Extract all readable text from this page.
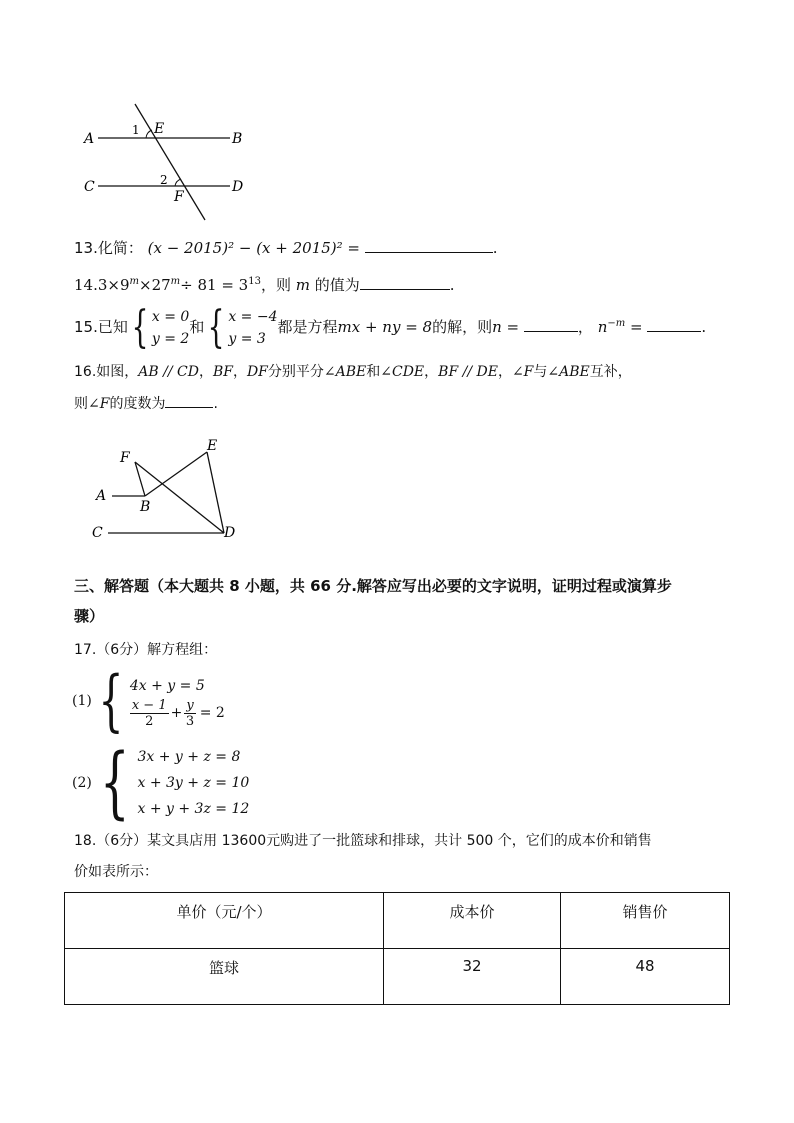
A	B
C	D
E
F
1
2
13.化简： (x − 2015)² − (x + 2015)² =	.
$14.3\times 9^m\times 27^m\div 81 = 3^{13}$，则 m 的值为	.
15.已知 { x = 0
y = 2
和 { x = −4
y = 3
都是方程mx + ny = 8的解，则n =	， $n^{-m}$ =	.
16.如图，AB // CD，BF，DF分别平分∠ABE和∠CDE，BF // DE，∠F与∠ABE互补，
则∠F的度数为	.
F
E
A
B
C	D
三、解答题（本大题共 8 小题，共 66 分.解答应写出必要的文字说明，证明过程或演算步
骤）
17.（6分）解方程组：
(1) { 4x + y = 5
$\frac{x - 1}{2} + \frac{y}{3} = 2$
(2) { 3x + y + z = 8
x + 3y + z = 10
x + y + 3z = 12
18.（6分）某文具店用 13600元购进了一批篮球和排球，共计 500 个，它们的成本价和销售
价如表所示：
单价（元/个）	成本价	销售价
篮球	32	48
